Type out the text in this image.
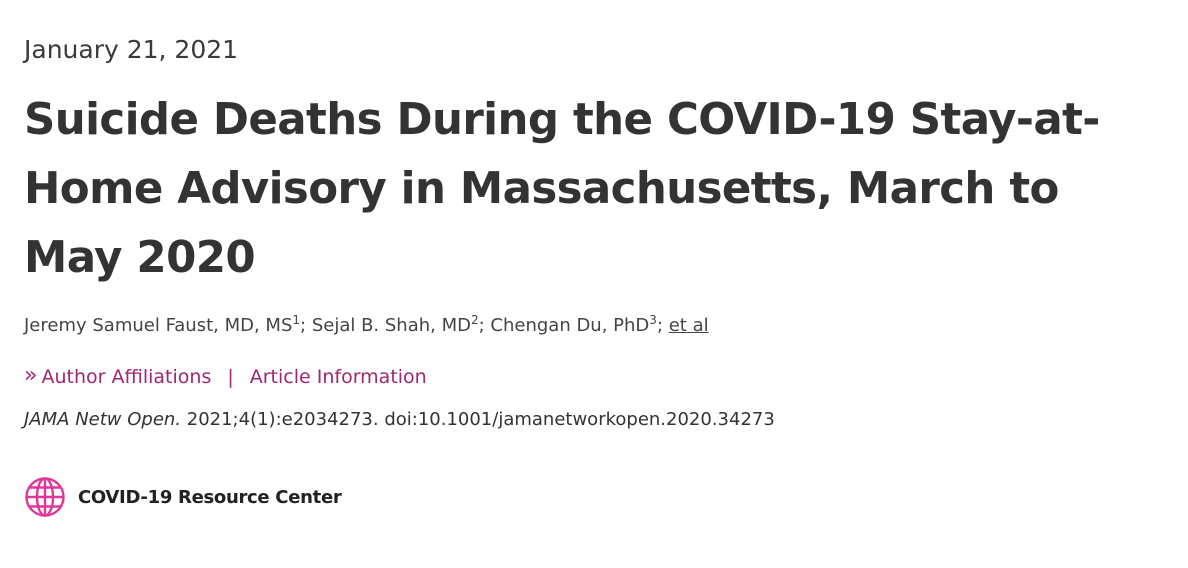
January 21, 2021
Suicide Deaths During the COVID-19 Stay-at-Home Advisory in Massachusetts, March to May 2020
Jeremy Samuel Faust, MD, $MS^1$; Sejal B. Shah, $MD^2$; Chengan Du, PhD$^3$; et al
» Author Affiliations | Article Information
JAMA Netw Open. 2021;4(1):e2034273. doi:10.1001/jamanetworkopen.2020.34273
COVID-19 Resource Center
